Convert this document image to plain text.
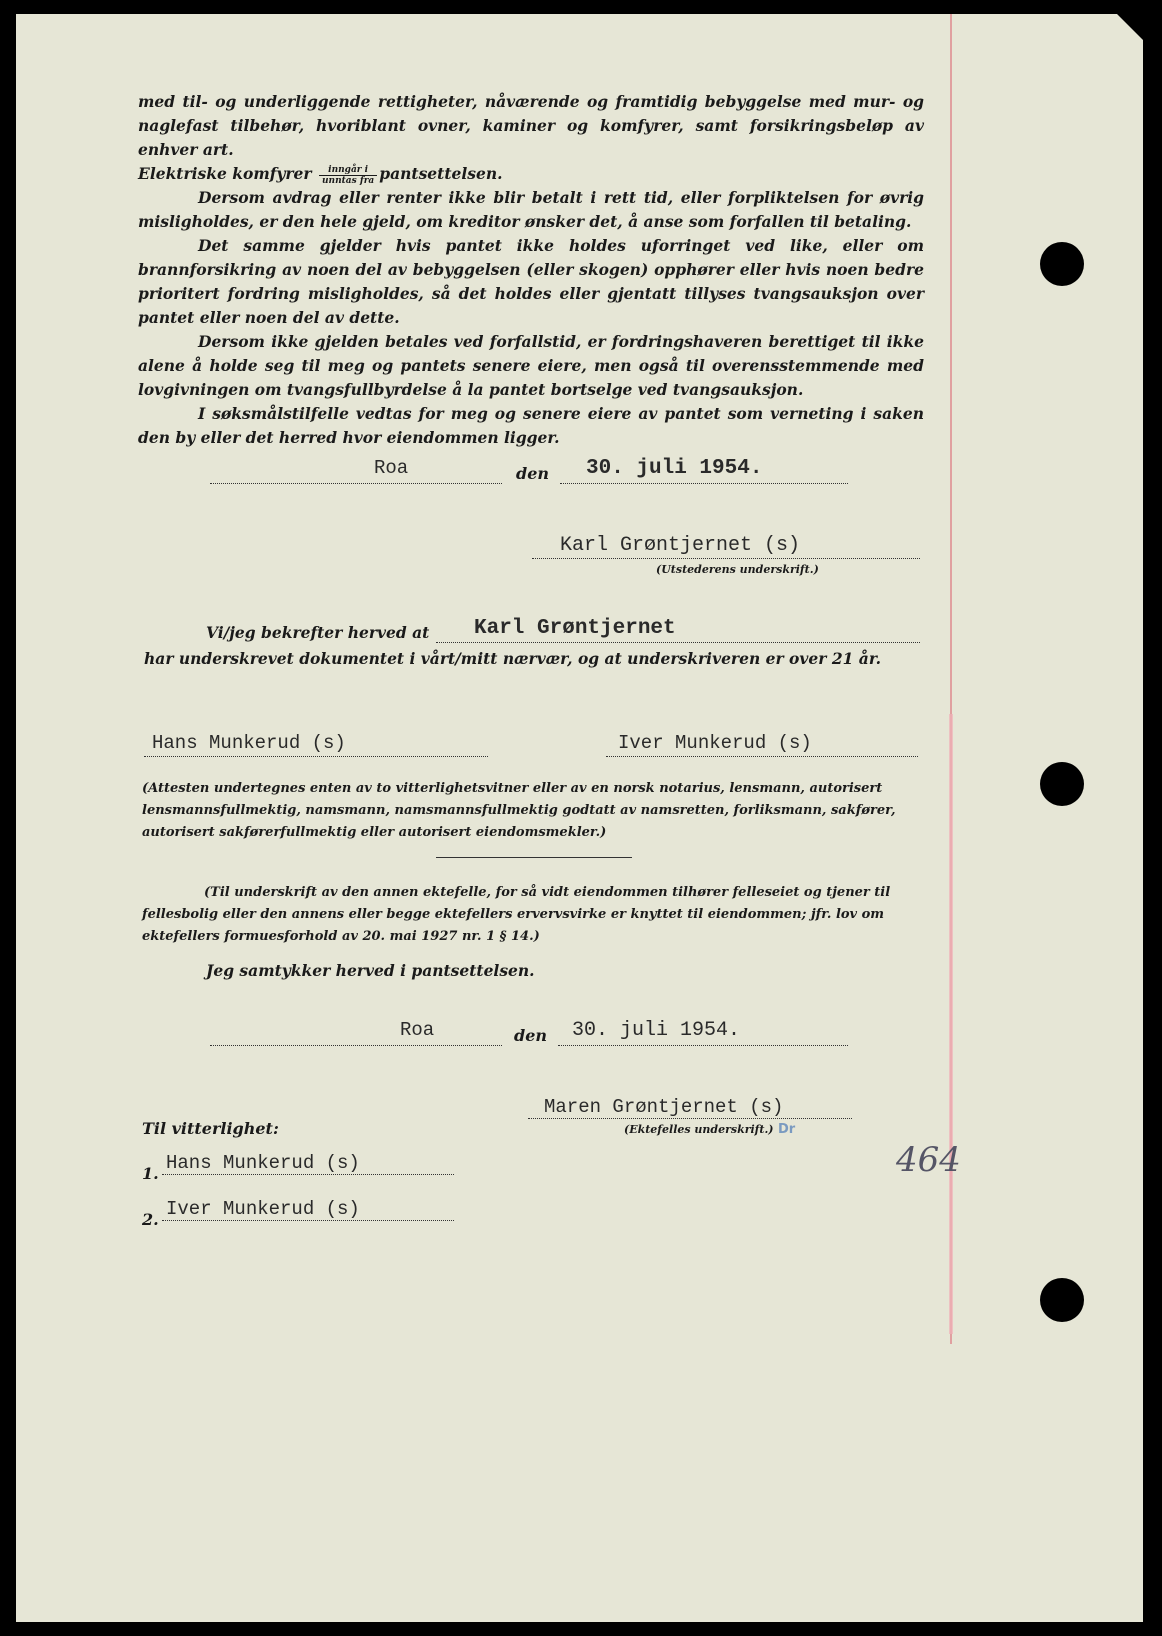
med til- og underliggende rettigheter, nåværende og framtidig bebyggelse med mur- og naglefast tilbehør, hvoriblant ovner, kaminer og komfyrer, samt forsikringsbeløp av enhver art.
Elektriske komfyrer $\frac{\text{inngår i}}{\text{unntas fra}}$ pantsettelsen.

Dersom avdrag eller renter ikke blir betalt i rett tid, eller forpliktelsen for øvrig misligholdes, er den hele gjeld, om kreditor ønsker det, å anse som forfallen til betaling.

Det samme gjelder hvis pantet ikke holdes uforringet ved like, eller om brannforsikring av noen del av bebyggelsen (eller skogen) opphører eller hvis noen bedre prioritert fordring misligholdes, så det holdes eller gjentatt tillyses tvangsauksjon over pantet eller noen del av dette.

Dersom ikke gjelden betales ved forfallstid, er fordringshaveren berettiget til ikke alene å holde seg til meg og pantets senere eiere, men også til overensstemmende med lovgivningen om tvangsfullbyrdelse å la pantet bortselge ved tvangsauksjon.

I søksmålstilfelle vedtas for meg og senere eiere av pantet som verneting i saken den by eller det herred hvor eiendommen ligger.

Roa	den 30. juli 1954.
Karl Grøntjernet (s)
(Utstederens underskrift.)
Vi/jeg bekrefter herved at Karl Grøntjernet
har underskrevet dokumentet i vårt/mitt nærvær, og at underskriveren er over 21 år.
Hans Munkerud (s)	Iver Munkerud (s)
(Attesten undertegnes enten av to vitterlighetsvitner eller av en norsk notarius, lensmann, autorisert lensmannsfullmektig, namsmann, namsmannsfullmektig godtatt av namsretten, forliksmann, sakfører, autorisert sakførerfullmektig eller autorisert eiendomsmekler.)
(Til underskrift av den annen ektefelle, for så vidt eiendommen tilhører felleseiet og tjener til fellesbolig eller den annens eller begge ektefellers ervervsvirke er knyttet til eiendommen; jfr. lov om ektefellers formuesforhold av 20. mai 1927 nr. 1 § 14.)
Jeg samtykker herved i pantsettelsen.
Roa	den 30. juli 1954.
Maren Grøntjernet (s)
(Ektefelles underskrift.) Dr
Til vitterlighet:
1. Hans Munkerud (s)
2. Iver Munkerud (s)
464
